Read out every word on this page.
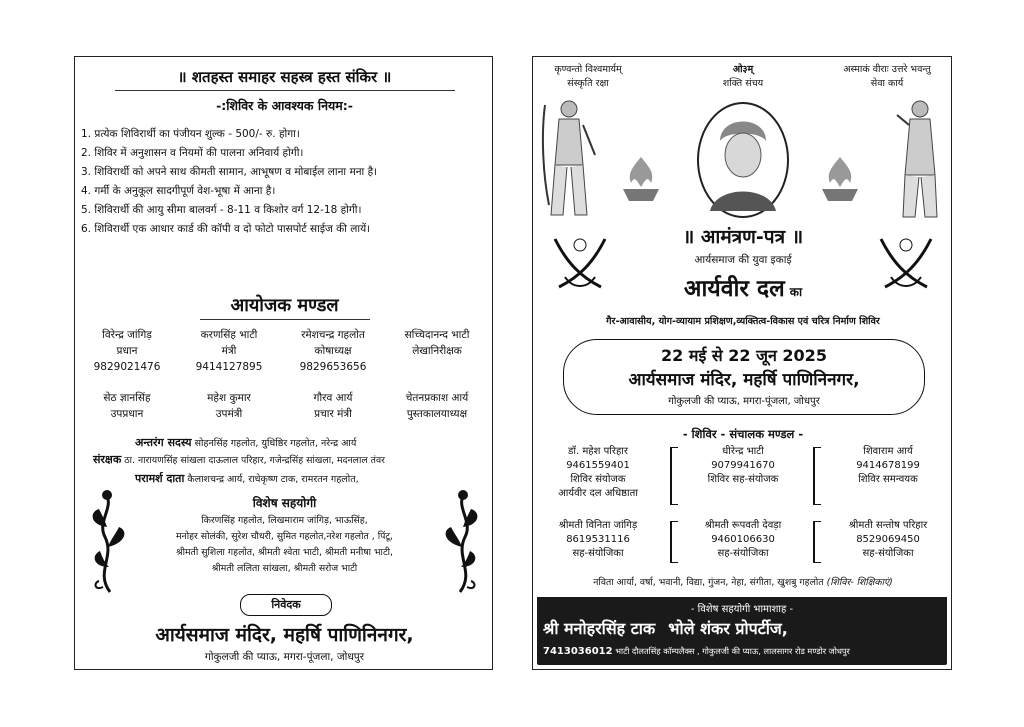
॥ शतहस्त समाहर सहस्त्र हस्त संकिर ॥
-:शिविर के आवश्यक नियम:-
1. प्रत्येक शिविरार्थी का पंजीयन शुल्क - 500/- रु. होगा।
2. शिविर में अनुशासन व नियमों की पालना अनिवार्य होगी।
3. शिविरार्थी को अपने साथ कीमती सामान, आभूषण व मोबाईल लाना मना है।
4. गर्मी के अनुकूल सादगीपूर्ण वेश-भूषा में आना है।
5. शिविरार्थी की आयु सीमा बालवर्ग - 8-11 व किशोर वर्ग 12-18 होगी।
6. शिविरार्थी एक आधार कार्ड की कॉपी व दो फोटो पासपोर्ट साईज की लायें।
आयोजक मण्डल
विरेन्द्र जांगिड़
प्रधान
9829021476
करणसिंह भाटी
मंत्री
9414127895
रमेशचन्द्र गहलोत
कोषाध्यक्ष
9829653656
सच्चिदानन्द भाटी
लेखानिरीक्षक
सेठ ज्ञानसिंह
उपप्रधान
महेश कुमार
उपमंत्री
गौरव आर्य
प्रचार मंत्री
चेतनप्रकाश आर्य
पुस्तकालयाध्यक्ष
अन्तरंग सदस्य सोहनसिंह गहलोत, युधिष्ठिर गहलोत, नरेन्द्र आर्य
संरक्षक ठा. नारायणसिंह सांखला दाऊलाल परिहार, गजेन्द्रसिंह सांखला, मदनलाल तंवर
परामर्श दाता कैलाशचन्द्र आर्य, राधेकृष्ण टाक, रामरतन गहलोत,
विशेष सहयोगी
किरणसिंह गहलोत, लिखमाराम जांगिड़, भाऊसिंह,
मनोहर सोलंकी, सुरेश चौधरी, सुमित गहलोत,नरेश गहलोत , पिंटू,
श्रीमती सुशिला गहलोत, श्रीमती श्वेता भाटी, श्रीमती मनीषा भाटी,
श्रीमती ललिता सांखला, श्रीमती सरोज भाटी
निवेदक
आर्यसमाज मंदिर, महर्षि पाणिनिनगर,
गोकुलजी की प्याऊ, मगरा-पूंजला, जोधपुर
कृण्वन्तो विश्वमार्यम्
संस्कृति रक्षा
ओ३म्
शक्ति संचय
अस्माकं वीराः उत्तरे भवन्तु
सेवा कार्य
॥ आमंत्रण-पत्र ॥
आर्यसमाज की युवा इकाई
आर्यवीर दल का
गैर-आवासीय, योग-व्यायाम प्रशिक्षण,व्यक्तित्व-विकास एवं चरित्र निर्माण शिविर
22 मई से 22 जून 2025
आर्यसमाज मंदिर, महर्षि पाणिनिनगर,
गोकुलजी की प्याऊ, मगरा-पूंजला, जोधपुर
- शिविर - संचालक मण्डल -
डॉ. महेश परिहार
9461559401
शिविर संयोजक
आर्यवीर दल अधिष्ठाता
धीरेन्द्र भाटी
9079941670
शिविर सह-संयोजक
शिवाराम आर्य
9414678199
शिविर समन्वयक
श्रीमती विनिता जांगिड़
8619531116
सह-संयोजिका
श्रीमती रूपवती देवड़ा
9460106630
सह-संयोजिका
श्रीमती सन्तोष परिहार
8529069450
सह-संयोजिका
नविता आर्या, वर्षा, भवानी, विद्या, गुंजन, नेहा, संगीता, खुशबु गहलोत (शिविर- शिक्षिकाएं)
- विशेष सहयोगी भामाशाह -
श्री मनोहरसिंह टाक भोले शंकर प्रोपर्टीज,
7413036012 भाटी दौलतसिंह कॉम्पलैक्स , गोकुलजी की प्याऊ, लालसागर रोड मण्डोर जोधपुर
